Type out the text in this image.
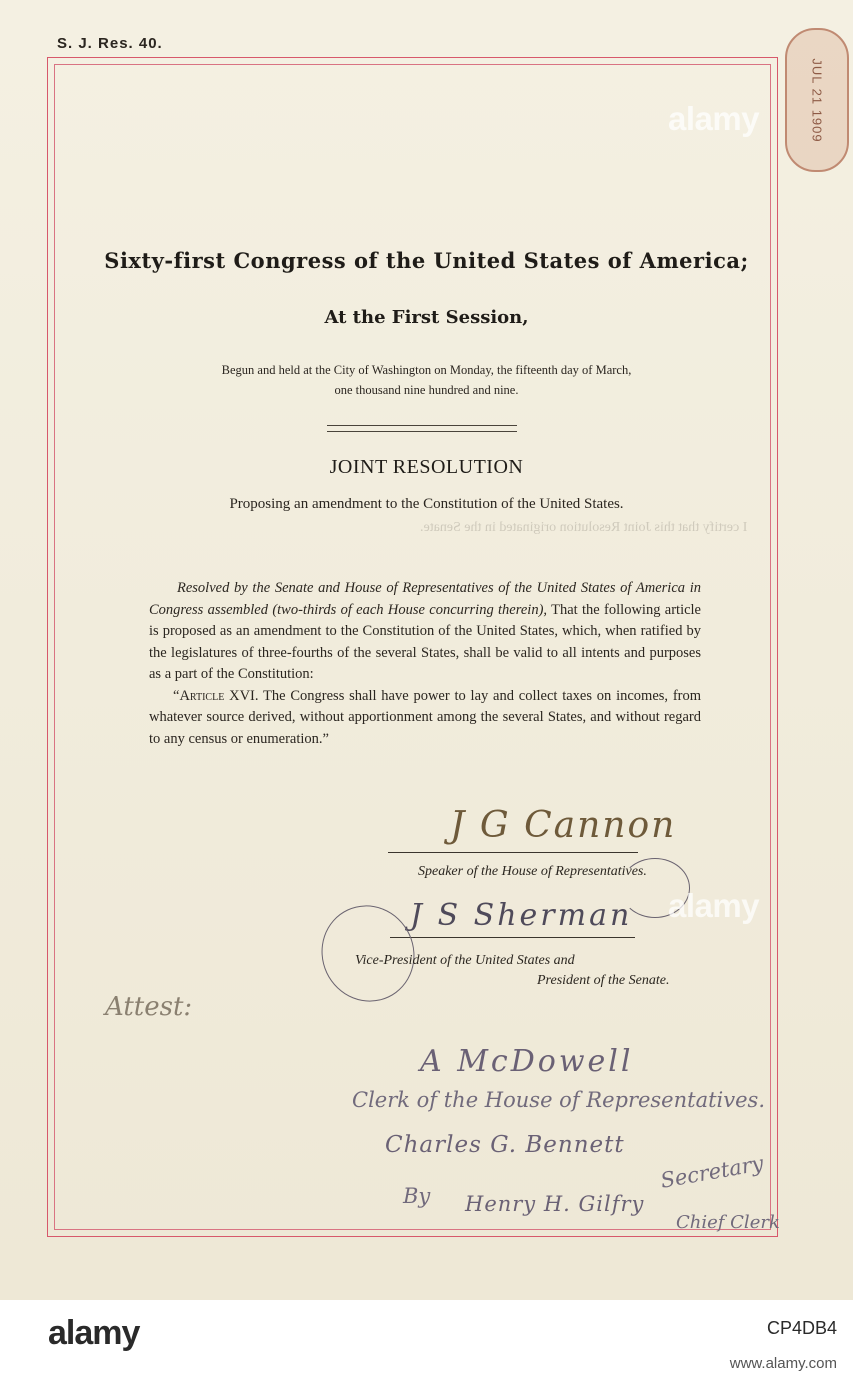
S. J. Res. 40.
JUL 21 1909
alamy
Sixty-first Congress of the United States of America;
At the First Session,
Begun and held at the City of Washington on Monday, the fifteenth day of March,
one thousand nine hundred and nine.
JOINT RESOLUTION
Proposing an amendment to the Constitution of the United States.
I certify that this Joint Resolution originated in the Senate.
Resolved by the Senate and House of Representatives of the United States of America in Congress assembled (two-thirds of each House concurring therein), That the following article is proposed as an amendment to the Constitution of the United States, which, when ratified by the legislatures of three-fourths of the several States, shall be valid to all intents and purposes as a part of the Constitution:
“Article XVI. The Congress shall have power to lay and collect taxes on incomes, from whatever source derived, without apportionment among the several States, and without regard to any census or enumeration.”
J G Cannon
Speaker of the House of Representatives.
J S Sherman
Vice-President of the United States and
President of the Senate.
alamy
Attest:
A McDowell
Clerk of the House of Representatives.
Charles G. Bennett
Secretary
By Henry H. Gilfry
Chief Clerk
alamy	CP4DB4
www.alamy.com
